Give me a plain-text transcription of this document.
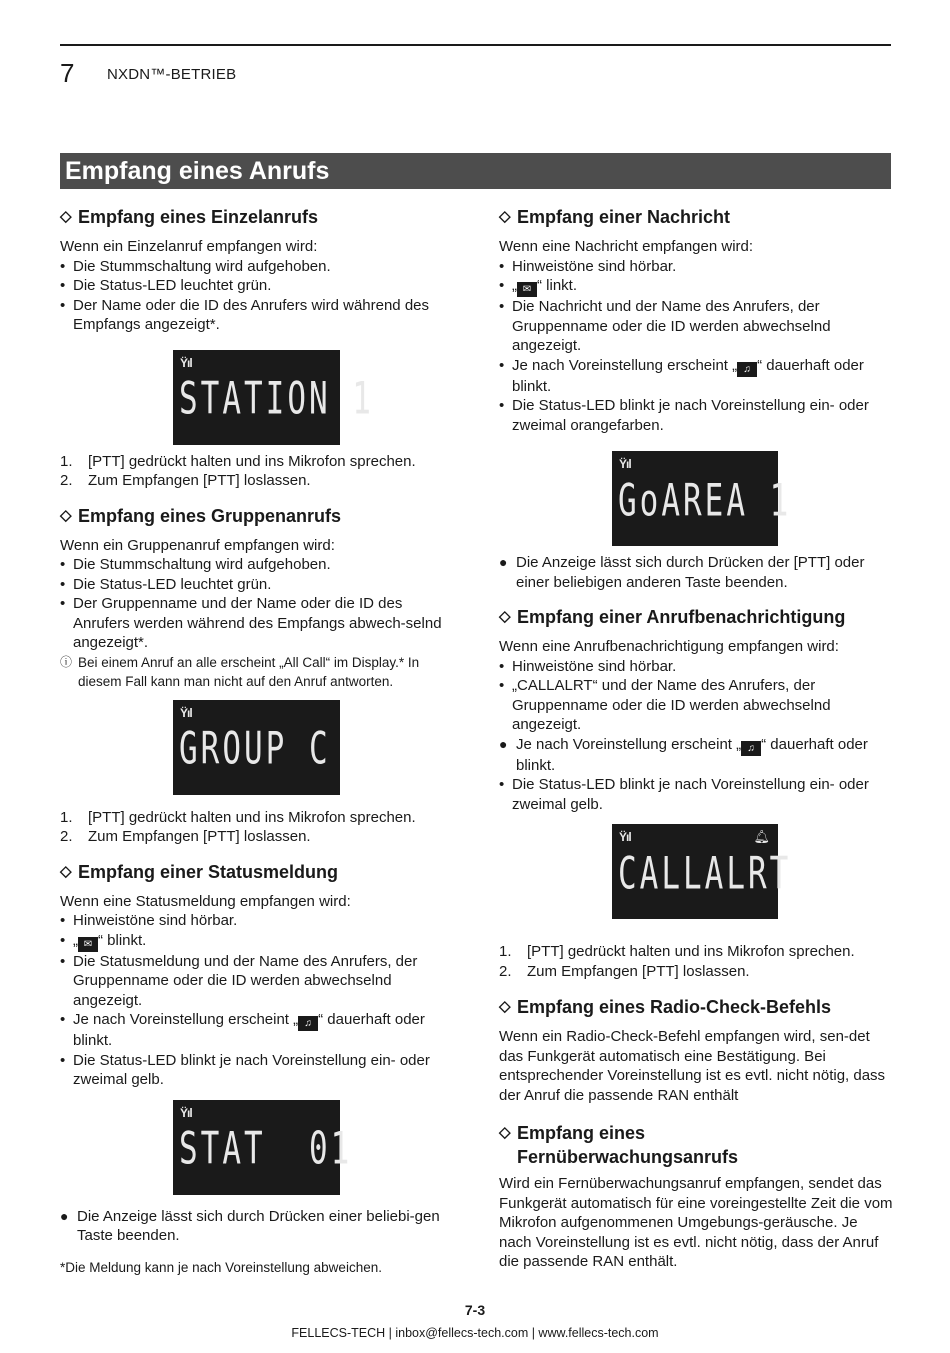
7 NXDN™-BETRIEB
Empfang eines Anrufs
◇ Empfang eines Einzelanrufs

Wenn ein Einzelanruf empfangen wird:

• Die Stummschaltung wird aufgehoben.
• Die Status-LED leuchtet grün.
• Der Name oder die ID des Anrufers wird während des Empfangs angezeigt*.
Ÿıl
STATION 1
1.	[PTT] gedrückt halten und ins Mikrofon sprechen.
2.	Zum Empfangen [PTT] loslassen.
◇ Empfang eines Gruppenanrufs

Wenn ein Gruppenanruf empfangen wird:

• Die Stummschaltung wird aufgehoben.
• Die Status-LED leuchtet grün.
• Der Gruppenname und der Name oder die ID des Anrufers werden während des Empfangs abwech-selnd angezeigt*.
ⓘ Bei einem Anruf an alle erscheint „All Call“ im Display.* In diesem Fall kann man nicht auf den Anruf antworten.
Ÿıl
GROUP C
1.	[PTT] gedrückt halten und ins Mikrofon sprechen.
2.	Zum Empfangen [PTT] loslassen.
◇ Empfang einer Statusmeldung

Wenn eine Statusmeldung empfangen wird:

• Hinweistöne sind hörbar.
• „ ✉ “ blinkt.
• Die Statusmeldung und der Name des Anrufers, der Gruppenname oder die ID werden abwechselnd angezeigt.
• Je nach Voreinstellung erscheint „ ♫ “ dauerhaft oder blinkt.
• Die Status-LED blinkt je nach Voreinstellung ein- oder zweimal gelb.
Ÿıl
STAT  01
● Die Anzeige lässt sich durch Drücken einer beliebi-gen Taste beenden.
*Die Meldung kann je nach Voreinstellung abweichen.
◇ Empfang einer Nachricht

Wenn eine Nachricht empfangen wird:

• Hinweistöne sind hörbar.
• „ ✉ “ linkt.
• Die Nachricht und der Name des Anrufers, der Gruppenname oder die ID werden abwechselnd angezeigt.
• Je nach Voreinstellung erscheint „ ♫ “ dauerhaft oder blinkt.
• Die Status-LED blinkt je nach Voreinstellung ein- oder zweimal orangefarben.
Ÿıl
GoAREA 1
● Die Anzeige lässt sich durch Drücken der [PTT] oder einer beliebigen anderen Taste beenden.
◇ Empfang einer Anrufbenachrichtigung

Wenn eine Anrufbenachrichtigung empfangen wird:

• Hinweistöne sind hörbar.
• „CALLALRT“ und der Name des Anrufers, der Gruppenname oder die ID werden abwechselnd angezeigt.
● Je nach Voreinstellung erscheint „ ♫ “ dauerhaft oder blinkt.
• Die Status-LED blinkt je nach Voreinstellung ein- oder zweimal gelb.
Ÿıl	🔔︎
CALLALRT
1.	[PTT] gedrückt halten und ins Mikrofon sprechen.
2.	Zum Empfangen [PTT] loslassen.
◇ Empfang eines Radio-Check-Befehls

Wenn ein Radio-Check-Befehl empfangen wird, sen-det das Funkgerät automatisch eine Bestätigung. Bei entsprechender Voreinstellung ist es evtl. nicht nötig, dass der Anruf die passende RAN enthält

◇ Empfang eines
Fernüberwachungsanrufs

Wird ein Fernüberwachungsanruf empfangen, sendet das Funkgerät automatisch für eine voreingestellte Zeit die vom Mikrofon aufgenommenen Umgebungs-geräusche. Je nach Voreinstellung ist es evtl. nicht nötig, dass der Anruf die passende RAN enthält.

7-3
FELLECS-TECH | inbox@fellecs-tech.com | www.fellecs-tech.com
